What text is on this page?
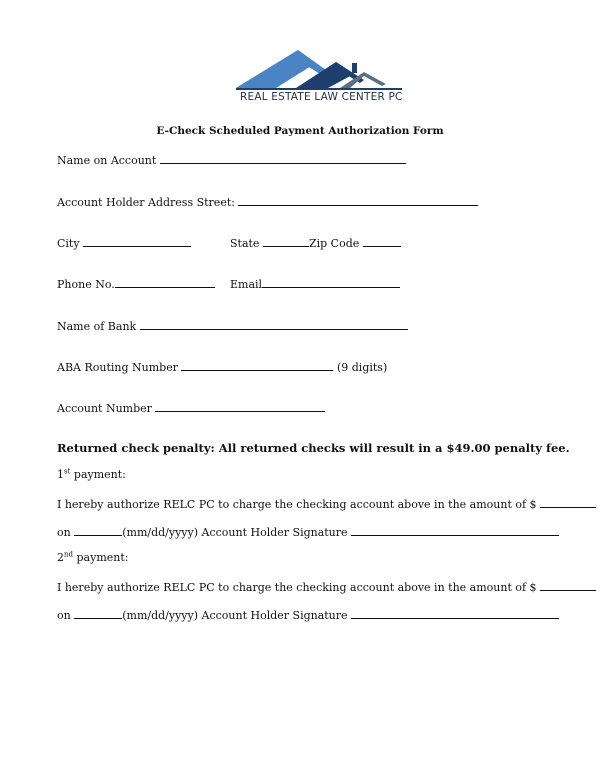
REAL ESTATE LAW CENTER PC
E-Check Scheduled Payment Authorization Form
Name on Account
Account Holder Address Street:
City	State	Zip Code
Phone No.	Email
Name of Bank
ABA Routing Number	(9 digits)
Account Number
Returned check penalty: All returned checks will result in a $49.00 penalty fee.
1st payment:
I hereby authorize RELC PC to charge the checking account above in the amount of $
on	(mm/dd/yyyy) Account Holder Signature
2nd payment:
I hereby authorize RELC PC to charge the checking account above in the amount of $
on	(mm/dd/yyyy) Account Holder Signature
